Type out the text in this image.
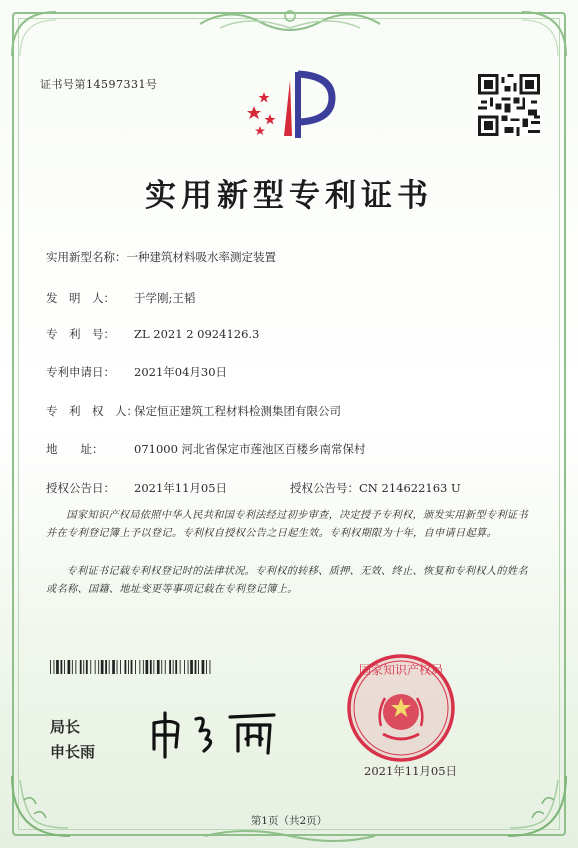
证书号第14597331号
实用新型专利证书
实用新型名称：一种建筑材料吸水率测定装置
发　明　人： 于学刚;王韬
专　利　号： ZL 2021 2 0924126.3
专利申请日： 2021年04月30日
专　利　权　人：保定恒正建筑工程材料检测集团有限公司
地　　址：	071000 河北省保定市莲池区百楼乡南常保村
授权公告日： 2021年11月05日	授权公告号：CN 214622163 U
国家知识产权局依照中华人民共和国专利法经过初步审查，决定授予专利权，颁发实用新型专利证书并在专利登记簿上予以登记。专利权自授权公告之日起生效。专利权期限为十年，自申请日起算。
专利证书记载专利权登记时的法律状况。专利权的转移、质押、无效、终止、恢复和专利权人的姓名或名称、国籍、地址变更等事项记载在专利登记簿上。
局长
申长雨
国家知识产权局
2021年11月05日
第1页（共2页）
